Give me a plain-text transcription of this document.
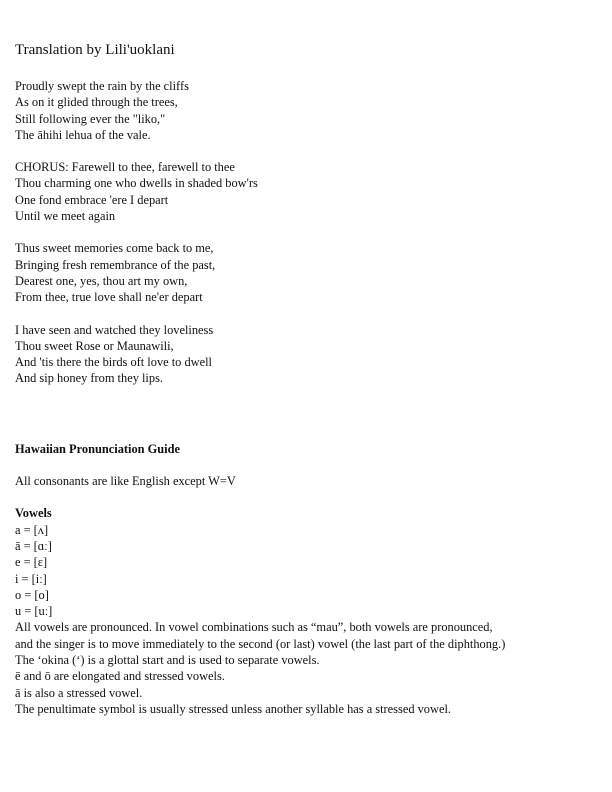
Translation by Lili'uoklani
Proudly swept the rain by the cliffs
As on it glided through the trees,
Still following ever the "liko,"
The āhihi lehua of the vale.
CHORUS: Farewell to thee, farewell to thee
Thou charming one who dwells in shaded bow'rs
One fond embrace 'ere I depart
Until we meet again
Thus sweet memories come back to me,
Bringing fresh remembrance of the past,
Dearest one, yes, thou art my own,
From thee, true love shall ne'er depart
I have seen and watched they loveliness
Thou sweet Rose or Maunawili,
And 'tis there the birds oft love to dwell
And sip honey from they lips.
Hawaiian Pronunciation Guide
All consonants are like English except W=V
Vowels
a = [ʌ]
ā = [ɑː]
e = [ɛ]
i = [iː]
o = [o]
u = [uː]
All vowels are pronounced. In vowel combinations such as “mau”, both vowels are pronounced,
and the singer is to move immediately to the second (or last) vowel (the last part of the diphthong.)
The ʻokina (ʻ) is a glottal start and is used to separate vowels.
ē and ō are elongated and stressed vowels.
ā is also a stressed vowel.
The penultimate symbol is usually stressed unless another syllable has a stressed vowel.
